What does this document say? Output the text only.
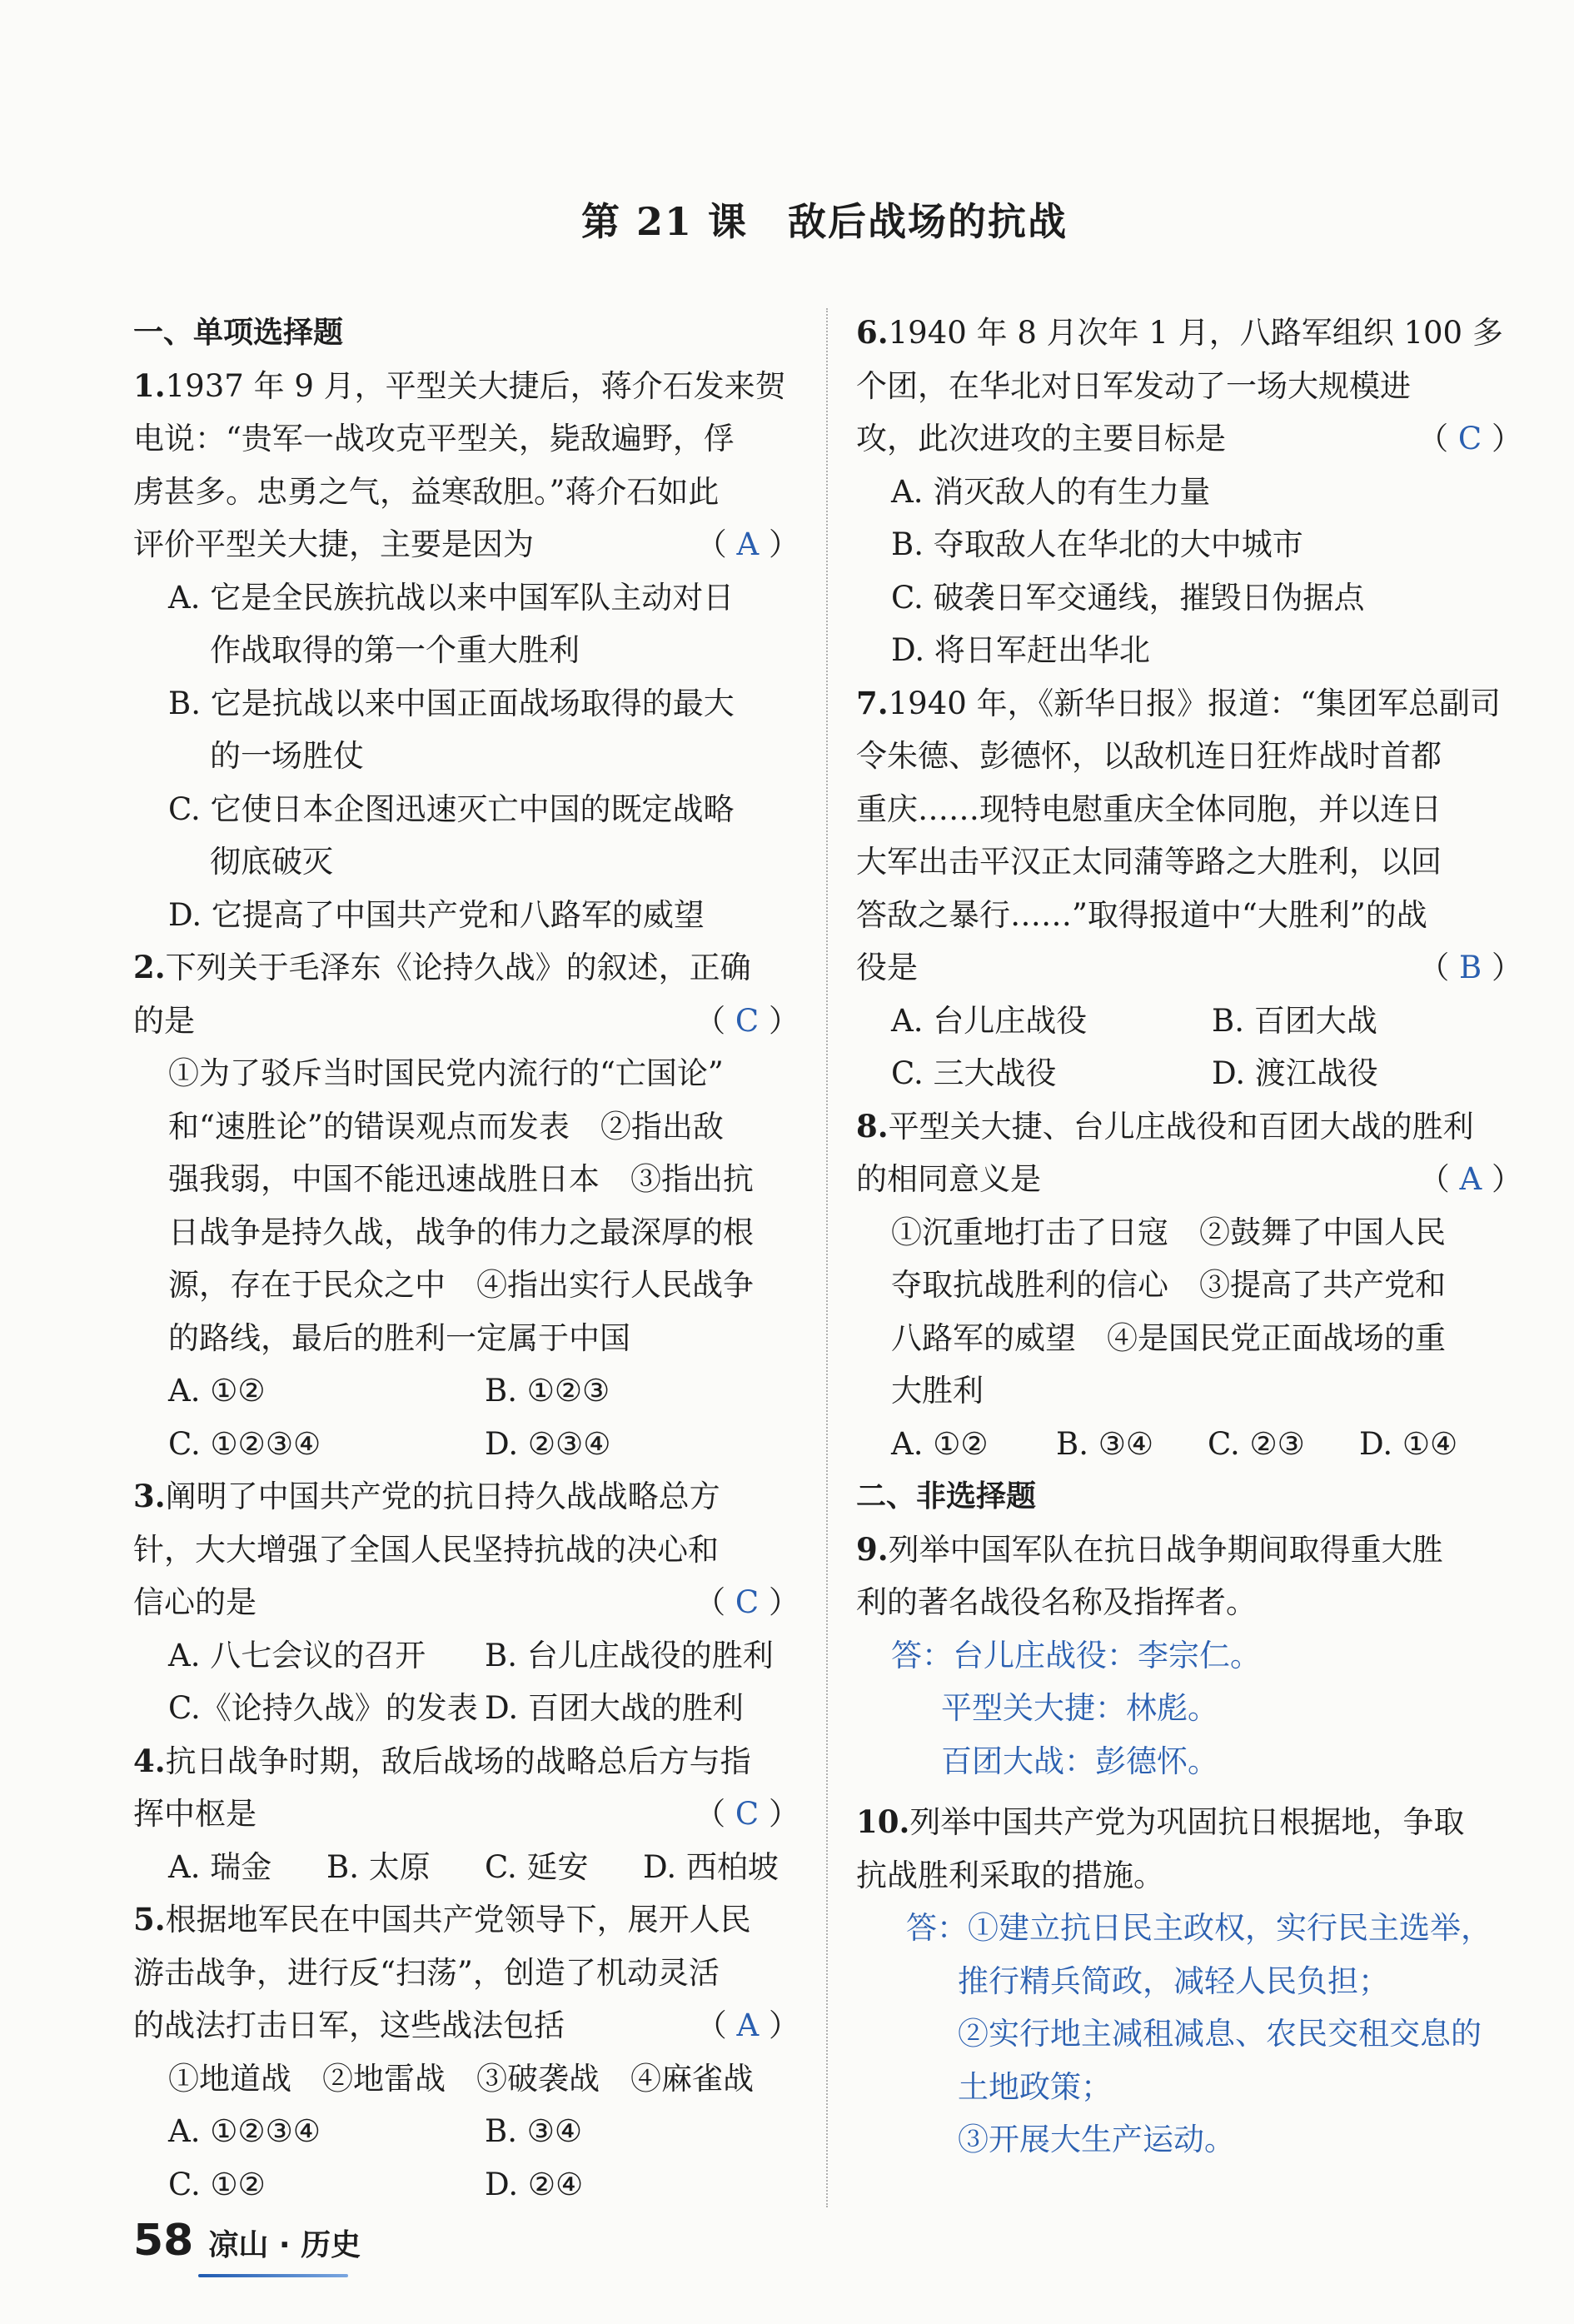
第 21 课　敌后战场的抗战
一、单项选择题
1.1937 年 9 月，平型关大捷后，蒋介石发来贺
电说：“贵军一战攻克平型关，毙敌遍野，俘
虏甚多。忠勇之气，益寒敌胆。”蒋介石如此
评价平型关大捷，主要是因为	（ A ）
A. 它是全民族抗战以来中国军队主动对日
作战取得的第一个重大胜利
B. 它是抗战以来中国正面战场取得的最大
的一场胜仗
C. 它使日本企图迅速灭亡中国的既定战略
彻底破灭
D. 它提高了中国共产党和八路军的威望
2.下列关于毛泽东《论持久战》的叙述，正确
的是	（ C ）
①为了驳斥当时国民党内流行的“亡国论”
和“速胜论”的错误观点而发表　②指出敌
强我弱，中国不能迅速战胜日本　③指出抗
日战争是持久战，战争的伟力之最深厚的根
源，存在于民众之中　④指出实行人民战争
的路线，最后的胜利一定属于中国
A. ①②	B. ①②③
C. ①②③④	D. ②③④
3.阐明了中国共产党的抗日持久战战略总方
针，大大增强了全国人民坚持抗战的决心和
信心的是	（ C ）
A. 八七会议的召开	B. 台儿庄战役的胜利
C.《论持久战》的发表 D. 百团大战的胜利
4.抗日战争时期，敌后战场的战略总后方与指
挥中枢是	（ C ）
A. 瑞金	B. 太原	C. 延安	D. 西柏坡
5.根据地军民在中国共产党领导下，展开人民
游击战争，进行反“扫荡”，创造了机动灵活
的战法打击日军，这些战法包括	（ A ）
①地道战　②地雷战　③破袭战　④麻雀战
A. ①②③④	B. ③④
C. ①②	D. ②④
6.1940 年 8 月次年 1 月，八路军组织 100 多
个团，在华北对日军发动了一场大规模进
攻，此次进攻的主要目标是	（ C ）
A. 消灭敌人的有生力量
B. 夺取敌人在华北的大中城市
C. 破袭日军交通线，摧毁日伪据点
D. 将日军赶出华北
7.1940 年，《新华日报》报道：“集团军总副司
令朱德、彭德怀，以敌机连日狂炸战时首都
重庆……现特电慰重庆全体同胞，并以连日
大军出击平汉正太同蒲等路之大胜利，以回
答敌之暴行……”取得报道中“大胜利”的战
役是	（ B ）
A. 台儿庄战役	B. 百团大战
C. 三大战役	D. 渡江战役
8.平型关大捷、台儿庄战役和百团大战的胜利
的相同意义是	（ A ）
①沉重地打击了日寇　②鼓舞了中国人民
夺取抗战胜利的信心　③提高了共产党和
八路军的威望　④是国民党正面战场的重
大胜利
A. ①②	B. ③④	C. ②③	D. ①④
二、非选择题
9.列举中国军队在抗日战争期间取得重大胜
利的著名战役名称及指挥者。
答：台儿庄战役：李宗仁。
平型关大捷：林彪。
百团大战：彭德怀。
10.列举中国共产党为巩固抗日根据地，争取
抗战胜利采取的措施。
答：①建立抗日民主政权，实行民主选举，
推行精兵简政，减轻人民负担；
②实行地主减租减息、农民交租交息的
土地政策；
③开展大生产运动。
58 凉山 · 历史
